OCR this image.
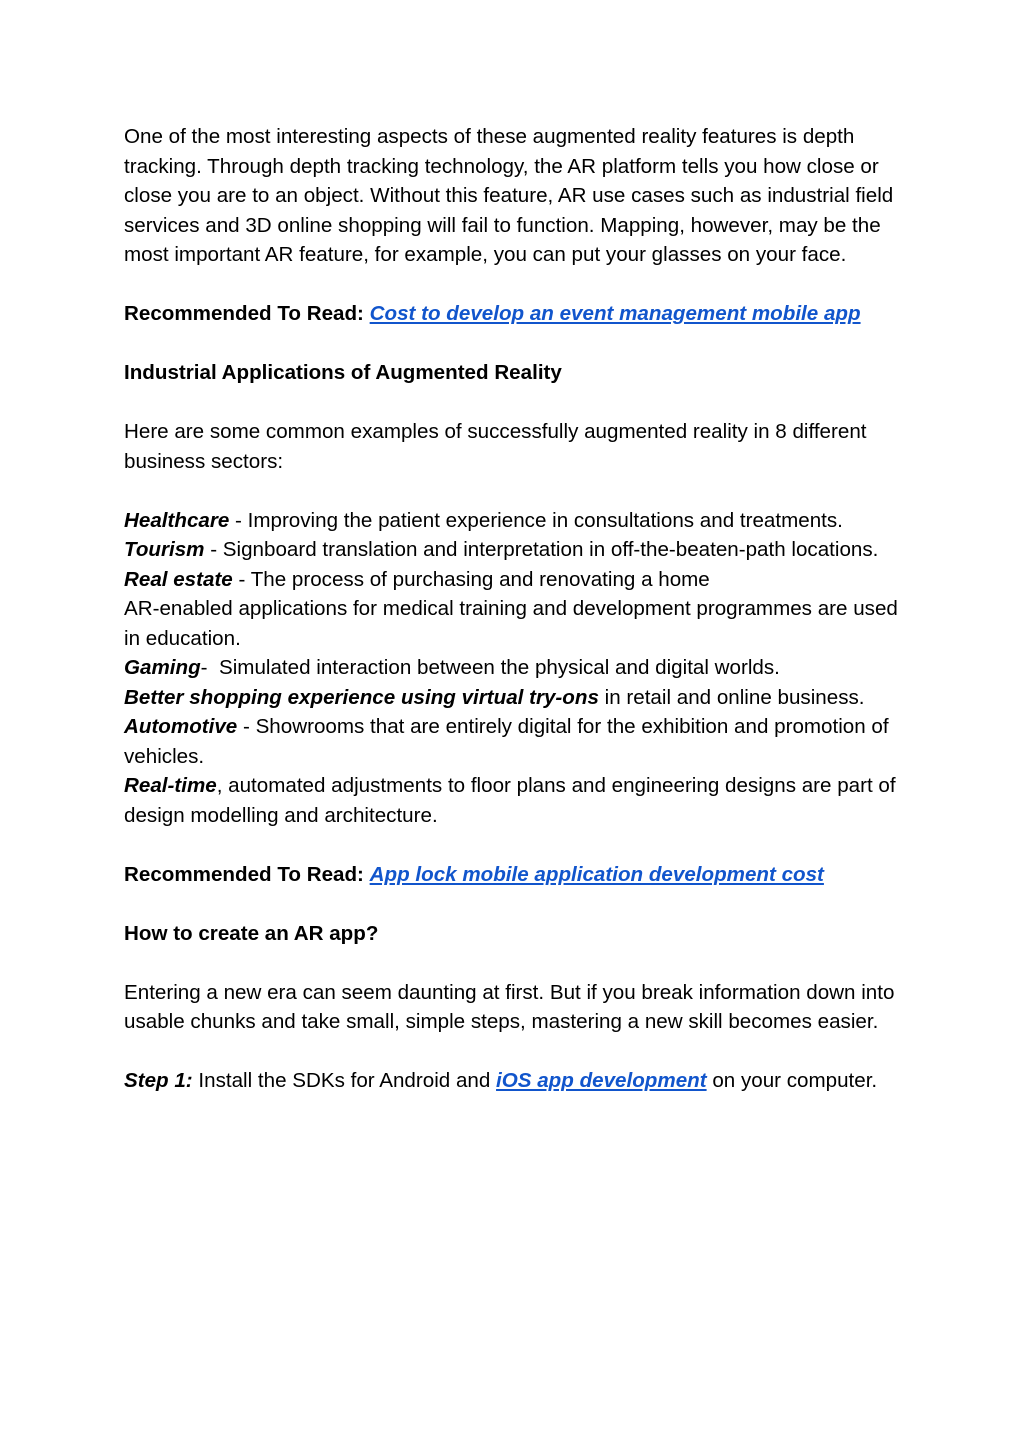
One of the most interesting aspects of these augmented reality features is depth tracking. Through depth tracking technology, the AR platform tells you how close or close you are to an object. Without this feature, AR use cases such as industrial field services and 3D online shopping will fail to function. Mapping, however, may be the most important AR feature, for example, you can put your glasses on your face.

Recommended To Read: Cost to develop an event management mobile app

Industrial Applications of Augmented Reality

Here are some common examples of successfully augmented reality in 8 different business sectors:

Healthcare - Improving the patient experience in consultations and treatments.

Tourism - Signboard translation and interpretation in off-the-beaten-path locations.

Real estate - The process of purchasing and renovating a home

AR-enabled applications for medical training and development programmes are used in education.

Gaming-  Simulated interaction between the physical and digital worlds.

Better shopping experience using virtual try-ons in retail and online business.

Automotive - Showrooms that are entirely digital for the exhibition and promotion of vehicles.

Real-time, automated adjustments to floor plans and engineering designs are part of design modelling and architecture.

Recommended To Read: App lock mobile application development cost

How to create an AR app?

Entering a new era can seem daunting at first. But if you break information down into usable chunks and take small, simple steps, mastering a new skill becomes easier.

Step 1: Install the SDKs for Android and iOS app development on your computer.
